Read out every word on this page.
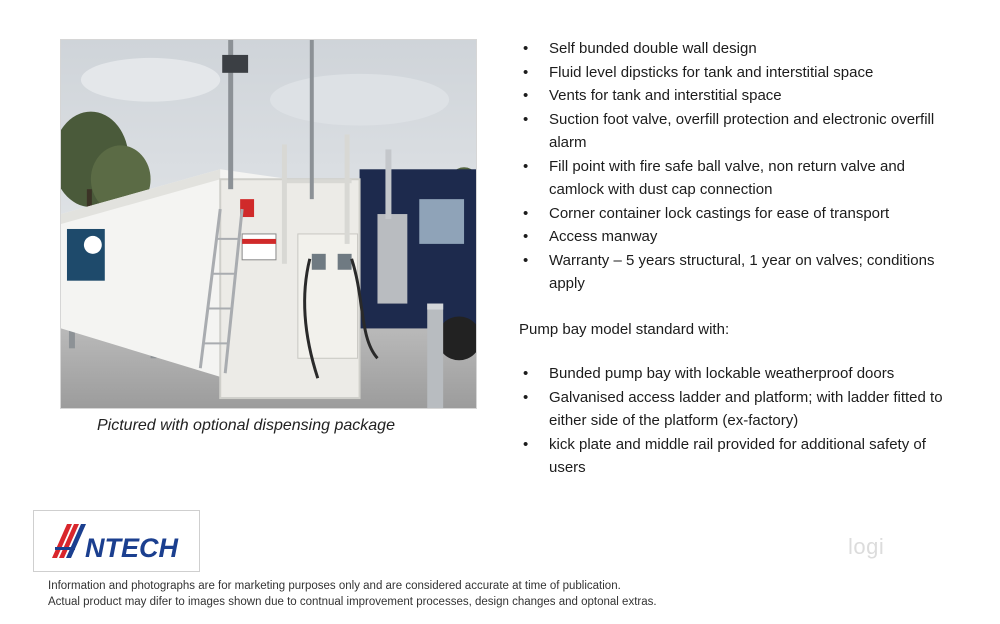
Pictured with optional dispensing package
• Self bunded double wall design
• Fluid level dipsticks for tank and interstitial space
• Vents for tank and interstitial space
• Suction foot valve, overfill protection and electronic overfill alarm
• Fill point with fire safe ball valve, non return valve and camlock with dust cap connection
• Corner container lock castings for ease of transport
• Access manway
• Warranty – 5 years structural, 1 year on valves; conditions apply
Pump bay model standard with:
• Bunded pump bay with lockable weatherproof doors
• Galvanised access ladder and platform; with ladder fitted to either side of the platform (ex-factory)
• kick plate and middle rail provided for additional safety of users
NTECH	logi
Information and photographs are for marketing purposes only and are considered accurate at time of publication.
Actual product may difer to images shown due to contnual improvement processes, design changes and optonal extras.
